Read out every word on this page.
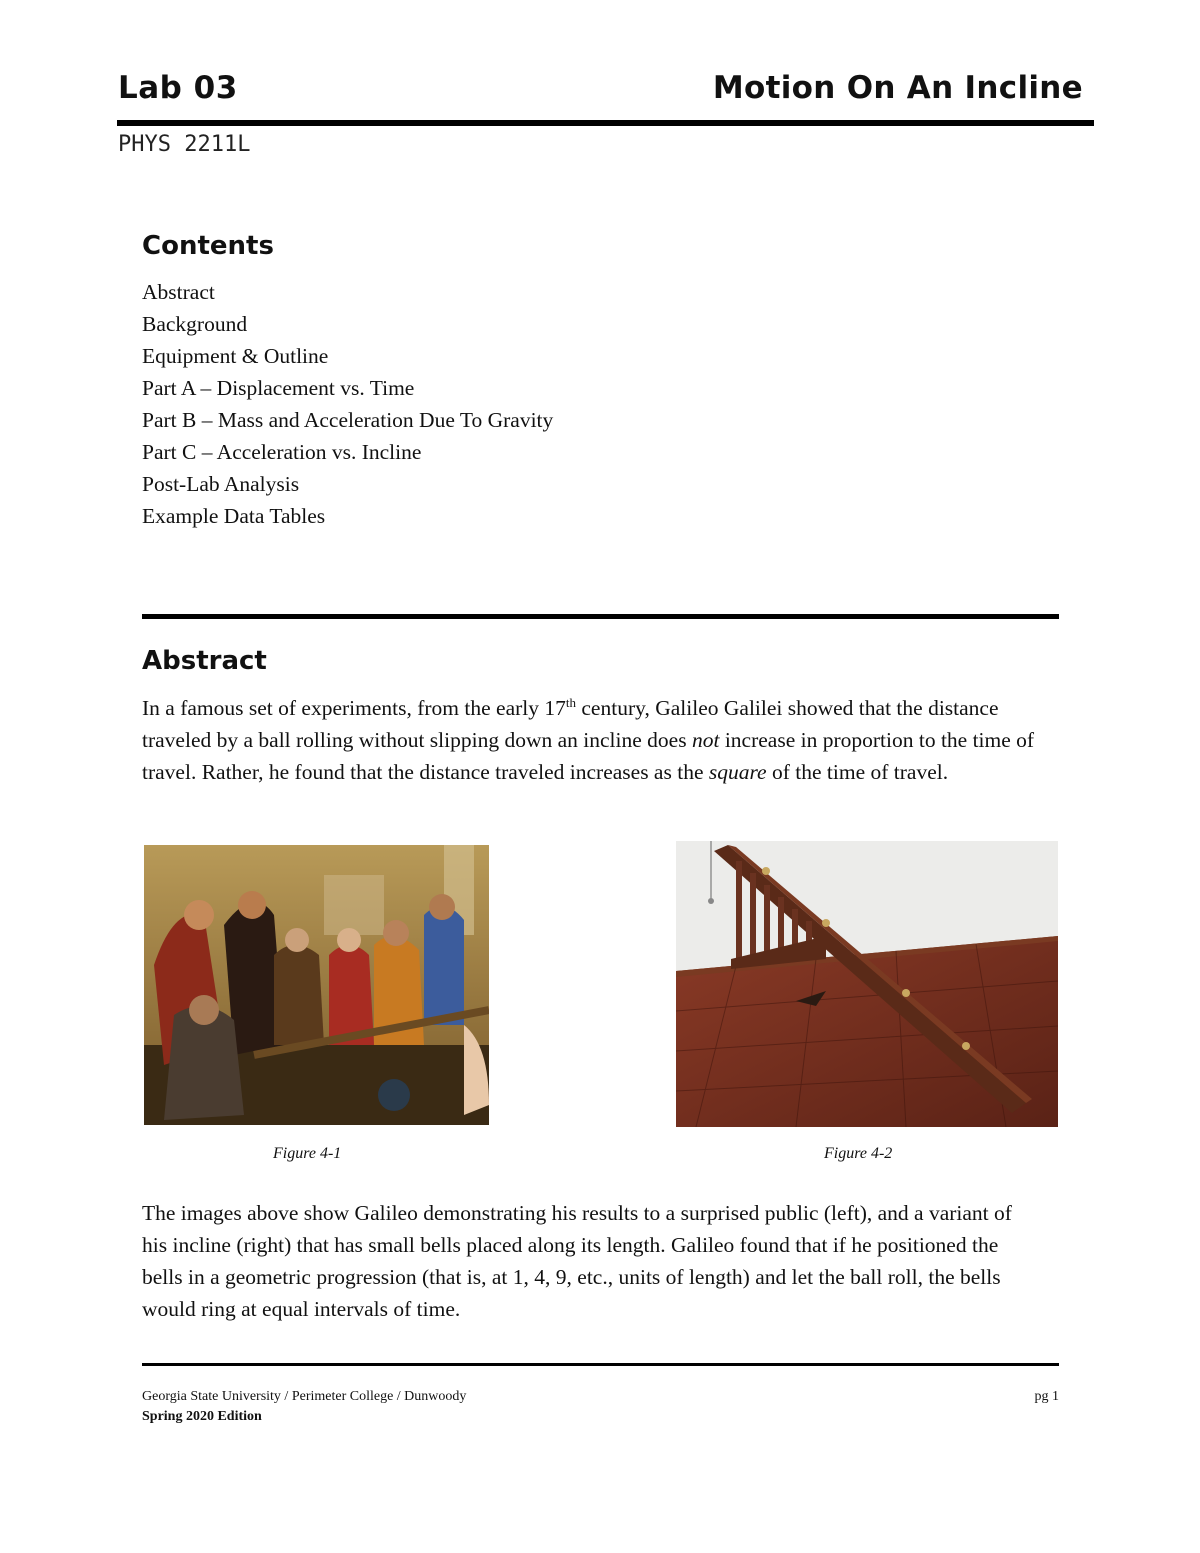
Lab 03	Motion On An Incline
PHYS 2211L
Contents
Abstract
Background
Equipment & Outline
Part A – Displacement vs. Time
Part B – Mass and Acceleration Due To Gravity
Part C – Acceleration vs. Incline
Post-Lab Analysis
Example Data Tables
Abstract
In a famous set of experiments, from the early 17th century, Galileo Galilei showed that the distance traveled by a ball rolling without slipping down an incline does not increase in proportion to the time of travel. Rather, he found that the distance traveled increases as the square of the time of travel.
Figure 4-1	Figure 4-2
The images above show Galileo demonstrating his results to a surprised public (left), and a variant of his incline (right) that has small bells placed along its length. Galileo found that if he positioned the bells in a geometric progression (that is, at 1, 4, 9, etc., units of length) and let the ball roll, the bells would ring at equal intervals of time.
Georgia State University / Perimeter College / Dunwoody
Spring 2020 Edition
pg 1
